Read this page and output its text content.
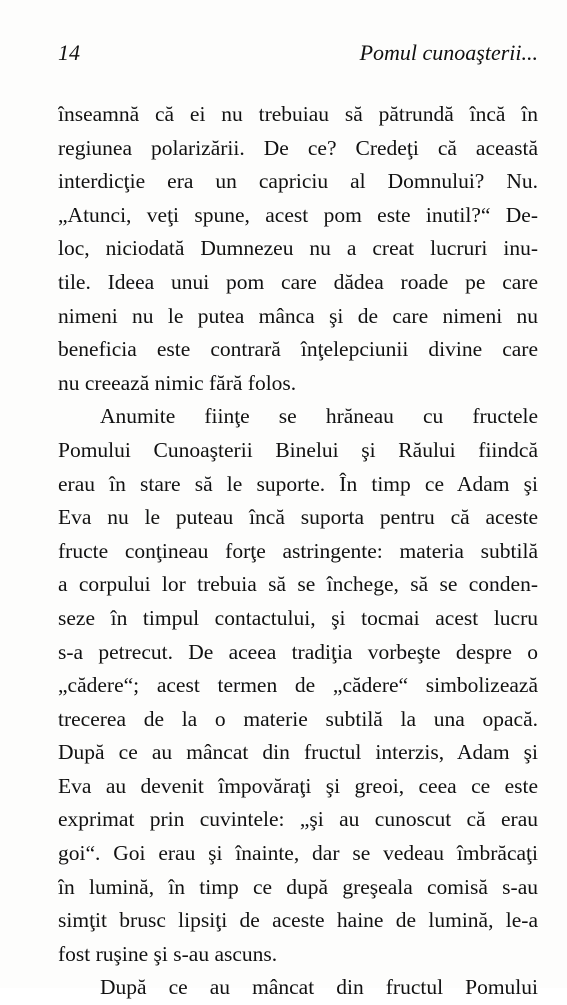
14	Pomul cunoaşterii...
înseamnă că ei nu trebuiau să pătrundă încă în
regiunea polarizării. De ce? Credeţi că această
interdicţie era un capriciu al Domnului? Nu.
„Atunci, veţi spune, acest pom este inutil?“ De-
loc, niciodată Dumnezeu nu a creat lucruri inu-
tile. Ideea unui pom care dădea roade pe care
nimeni nu le putea mânca şi de care nimeni nu
beneficia este contrară înţelepciunii divine care
nu creează nimic fără folos.
Anumite fiinţe se hrăneau cu fructele
Pomului Cunoaşterii Binelui şi Răului fiindcă
erau în stare să le suporte. În timp ce Adam şi
Eva nu le puteau încă suporta pentru că aceste
fructe conţineau forţe astringente: materia subtilă
a corpului lor trebuia să se închege, să se conden-
seze în timpul contactului, şi tocmai acest lucru
s-a petrecut. De aceea tradiţia vorbeşte despre o
„cădere“; acest termen de „cădere“ simbolizează
trecerea de la o materie subtilă la una opacă.
După ce au mâncat din fructul interzis, Adam şi
Eva au devenit împovăraţi şi greoi, ceea ce este
exprimat prin cuvintele: „şi au cunoscut că erau
goi“. Goi erau şi înainte, dar se vedeau îmbrăcaţi
în lumină, în timp ce după greşeala comisă s-au
simţit brusc lipsiţi de aceste haine de lumină, le-a
fost ruşine şi s-au ascuns.
După ce au mâncat din fructul Pomului
